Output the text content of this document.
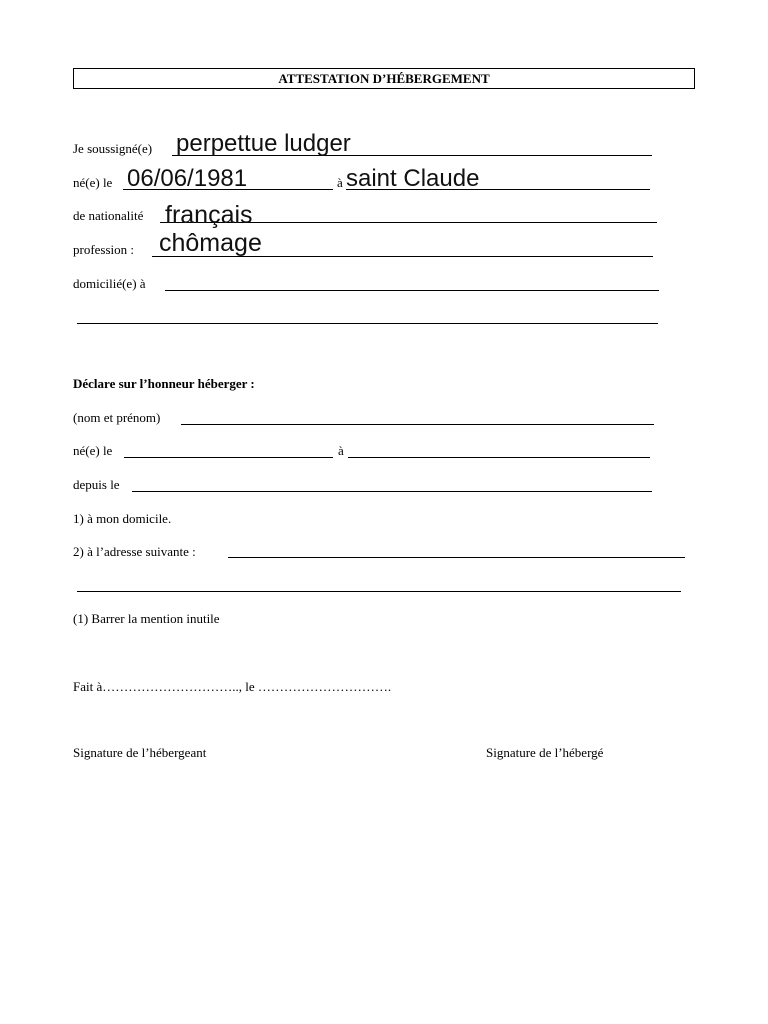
ATTESTATION D’HÉBERGEMENT
Je soussigné(e) perpettue ludger
né(e) le 06/06/1981	à saint Claude
de nationalité français
profession : chômage
domicilié(e) à
Déclare sur l’honneur héberger :
(nom et prénom)
né(e) le	à
depuis le
1) à mon domicile.
2) à l’adresse suivante :
(1) Barrer la mention inutile
Fait à………………………….., le ………………………….
Signature de l’hébergeant	Signature de l’hébergé
